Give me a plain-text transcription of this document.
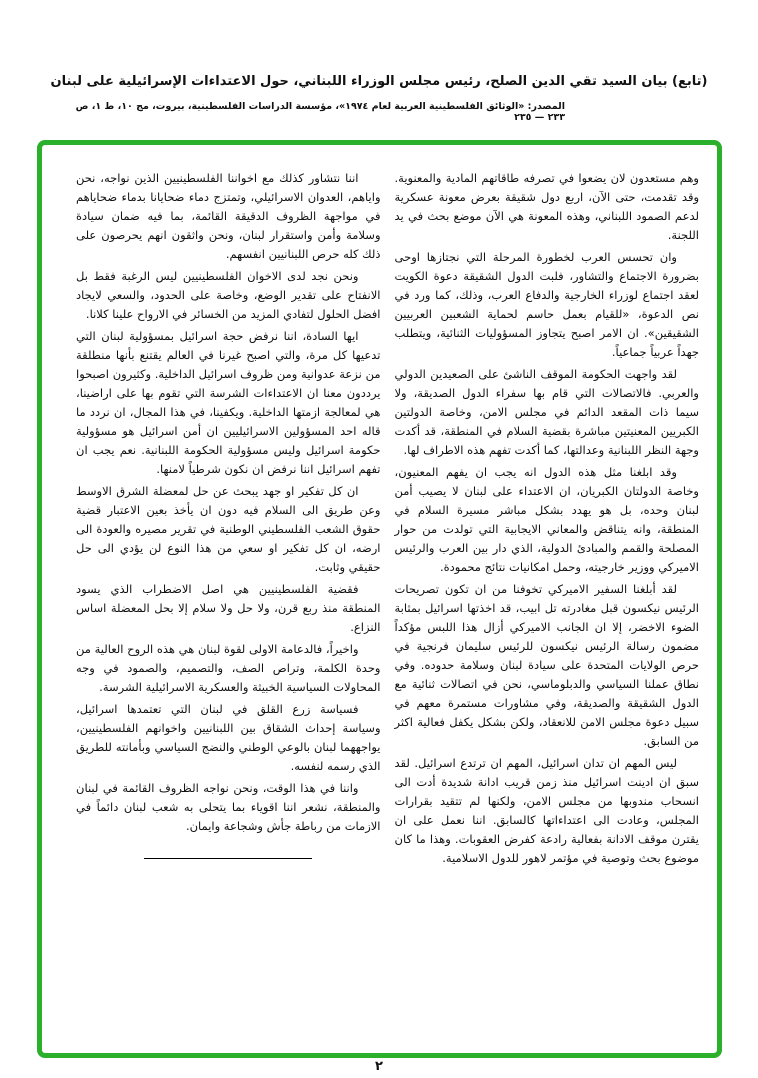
(تابع) بيان السيد تقي الدين الصلح، رئيس مجلس الوزراء اللبناني، حول الاعتداءات الإسرائيلية على لبنان
المصدر: «الوثائق الفلسطينية العربية لعام ١٩٧٤»، مؤسسة الدراسات الفلسطينية، بيروت، مج ١٠، ط ١، ص ٢٣٣ — ٢٣٥

وهم مستعدون لان يضعوا في تصرفه طاقاتهم المادية والمعنوية. وقد تقدمت، حتى الآن، اربع دول شقيقة بعرض معونة عسكرية لدعم الصمود اللبناني، وهذه المعونة هي الآن موضع بحث في يد اللجنة.

وان تحسس العرب لخطورة المرحلة التي نجتازها اوحى بضرورة الاجتماع والتشاور، فلبت الدول الشقيقة دعوة الكويت لعقد اجتماع لوزراء الخارجية والدفاع العرب، وذلك، كما ورد في نص الدعوة، «للقيام بعمل حاسم لحماية الشعبين العربيين الشقيقين». ان الامر اصبح يتجاوز المسؤوليات الثنائية، ويتطلب جهداً عربياً جماعياً.

لقد واجهت الحكومة الموقف الناشئ على الصعيدين الدولي والعربي. فالاتصالات التي قام بها سفراء الدول الصديقة، ولا سيما ذات المقعد الدائم في مجلس الامن، وخاصة الدولتين الكبريين المعنيتين مباشرة بقضية السلام في المنطقة، قد أكدت وجهة النظر اللبنانية وعدالتها، كما أكدت تفهم هذه الاطراف لها.

وقد ابلغنا مثل هذه الدول انه يجب ان يفهم المعنيون، وخاصة الدولتان الكبريان، ان الاعتداء على لبنان لا يصيب أمن لبنان وحده، بل هو يهدد بشكل مباشر مسيرة السلام في المنطقة، وانه يتناقض والمعاني الايجابية التي تولدت من حوار المصلحة والقمم والمبادئ الدولية، الذي دار بين العرب والرئيس الاميركي ووزير خارجيته، وحمل امكانيات نتائج محمودة.

لقد أبلغنا السفير الاميركي تخوفنا من ان تكون تصريحات الرئيس نيكسون قبل مغادرته تل ابيب، قد اخذتها اسرائيل بمثابة الضوء الاخضر، إلا ان الجانب الاميركي أزال هذا اللبس مؤكداً مضمون رسالة الرئيس نيكسون للرئيس سليمان فرنجية في حرص الولايات المتحدة على سيادة لبنان وسلامة حدوده. وفي نطاق عملنا السياسي والدبلوماسي، نحن في اتصالات ثنائية مع الدول الشقيقة والصديقة، وفي مشاورات مستمرة معهم في سبيل دعوة مجلس الامن للانعقاد، ولكن بشكل يكفل فعالية اكثر من السابق.

ليس المهم ان تدان اسرائيل، المهم ان ترتدع اسرائيل. لقد سبق ان ادينت اسرائيل منذ زمن قريب ادانة شديدة أدت الى انسحاب مندوبها من مجلس الامن، ولكنها لم تتقيد بقرارات المجلس، وعادت الى اعتداءاتها كالسابق. اننا نعمل على ان يقترن موقف الادانة بفعالية رادعة كفرض العقوبات. وهذا ما كان موضوع بحث وتوصية في مؤتمر لاهور للدول الاسلامية.

اننا نتشاور كذلك مع اخواننا الفلسطينيين الذين نواجه، نحن واياهم، العدوان الاسرائيلي، وتمتزج دماء ضحايانا بدماء ضحاياهم في مواجهة الظروف الدقيقة القائمة، بما فيه ضمان سيادة وسلامة وأمن واستقرار لبنان، ونحن واثقون انهم يحرصون على ذلك كله حرص اللبنانيين انفسهم.

ونحن نجد لدى الاخوان الفلسطينيين ليس الرغبة فقط بل الانفتاح على تقدير الوضع، وخاصة على الحدود، والسعي لايجاد افضل الحلول لتفادي المزيد من الخسائر في الارواح علينا كلانا.

ايها السادة، اننا نرفض حجة اسرائيل بمسؤولية لبنان التي تدعيها كل مرة، والتي اصبح غيرنا في العالم يقتنع بأنها منطلقة من نزعة عدوانية ومن ظروف اسرائيل الداخلية. وكثيرون اصبحوا يرددون معنا ان الاعتداءات الشرسة التي تقوم بها على اراضينا، هي لمعالجة ازمتها الداخلية. ويكفينا، في هذا المجال، ان نردد ما قاله احد المسؤولين الاسرائيليين ان أمن اسرائيل هو مسؤولية حكومة اسرائيل وليس مسؤولية الحكومة اللبنانية. نعم يجب ان تفهم اسرائيل اننا نرفض ان نكون شرطياً لامنها.

ان كل تفكير او جهد يبحث عن حل لمعضلة الشرق الاوسط وعن طريق الى السلام فيه دون ان يأخذ بعين الاعتبار قضية حقوق الشعب الفلسطيني الوطنية في تقرير مصيره والعودة الى ارضه، ان كل تفكير او سعي من هذا النوع لن يؤدي الى حل حقيقي وثابت.

فقضية الفلسطينيين هي اصل الاضطراب الذي يسود المنطقة منذ ربع قرن، ولا حل ولا سلام إلا بحل المعضلة اساس النزاع.

واخيراً، فالدعامة الاولى لقوة لبنان هي هذه الروح العالية من وحدة الكلمة، وتراص الصف، والتصميم، والصمود في وجه المحاولات السياسية الخبيثة والعسكرية الاسرائيلية الشرسة.

فسياسة زرع القلق في لبنان التي تعتمدها اسرائيل، وسياسة إحداث الشقاق بين اللبنانيين واخوانهم الفلسطينيين، يواجههما لبنان بالوعي الوطني والنضج السياسي وبأمانته للطريق الذي رسمه لنفسه.

واننا في هذا الوقت، ونحن نواجه الظروف القائمة في لبنان والمنطقة، نشعر اننا اقوياء بما يتحلى به شعب لبنان دائماً في الازمات من رباطة جأش وشجاعة وايمان.

٢
